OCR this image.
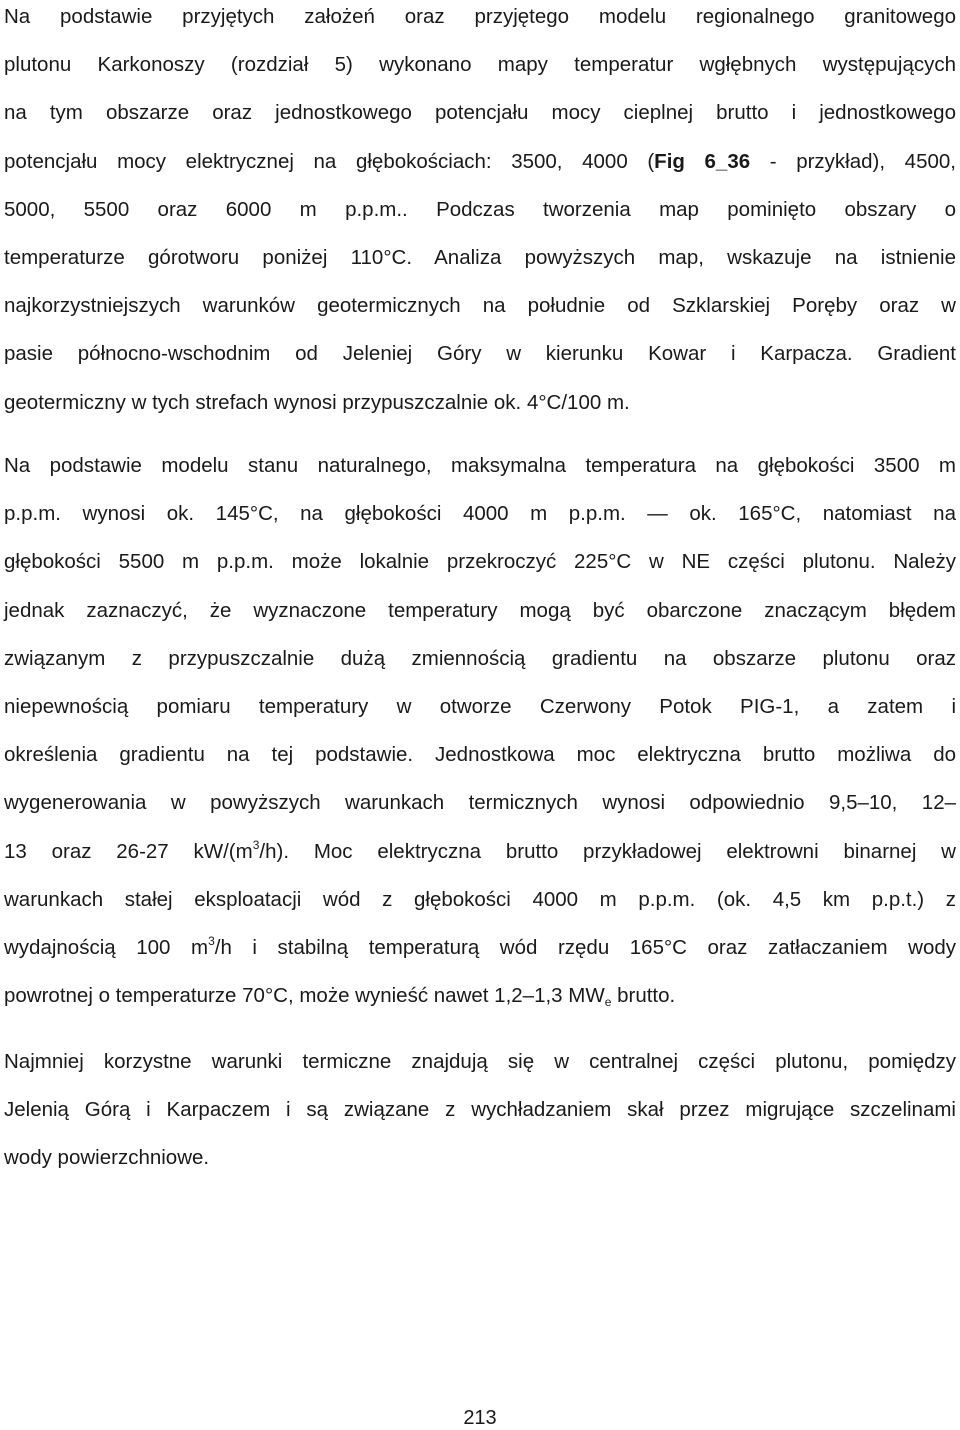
Na podstawie przyjętych założeń oraz przyjętego modelu regionalnego granitowego
plutonu Karkonoszy (rozdział 5) wykonano mapy temperatur wgłębnych występujących
na tym obszarze oraz jednostkowego potencjału mocy cieplnej brutto i jednostkowego
potencjału mocy elektrycznej na głębokościach: 3500, 4000 (Fig 6_36 - przykład), 4500,
5000, 5500 oraz 6000 m p.p.m.. Podczas tworzenia map pominięto obszary o
temperaturze górotworu poniżej 110°C. Analiza powyższych map, wskazuje na istnienie
najkorzystniejszych warunków geotermicznych na południe od Szklarskiej Poręby oraz w
pasie północno-wschodnim od Jeleniej Góry w kierunku Kowar i Karpacza. Gradient
geotermiczny w tych strefach wynosi przypuszczalnie ok. 4°C/100 m.
Na podstawie modelu stanu naturalnego, maksymalna temperatura na głębokości 3500 m
p.p.m. wynosi ok. 145°C, na głębokości 4000 m p.p.m. — ok. 165°C, natomiast na
głębokości 5500 m p.p.m. może lokalnie przekroczyć 225°C w NE części plutonu. Należy
jednak zaznaczyć, że wyznaczone temperatury mogą być obarczone znaczącym błędem
związanym z przypuszczalnie dużą zmiennością gradientu na obszarze plutonu oraz
niepewnością pomiaru temperatury w otworze Czerwony Potok PIG-1, a zatem i
określenia gradientu na tej podstawie. Jednostkowa moc elektryczna brutto możliwa do
wygenerowania w powyższych warunkach termicznych wynosi odpowiednio 9,5–10, 12–
13 oraz 26-27 $kW/(m^3/h)$. Moc elektryczna brutto przykładowej elektrowni binarnej w
warunkach stałej eksploatacji wód z głębokości 4000 m p.p.m. (ok. 4,5 km p.p.t.) z
wydajnością 100 $m^3/h$ i stabilną temperaturą wód rzędu 165°C oraz zatłaczaniem wody
powrotnej o temperaturze 70°C, może wynieść nawet 1,2–1,3 $MW_e$ brutto.
Najmniej korzystne warunki termiczne znajdują się w centralnej części plutonu, pomiędzy
Jelenią Górą i Karpaczem i są związane z wychładzaniem skał przez migrujące szczelinami
wody powierzchniowe.
213
